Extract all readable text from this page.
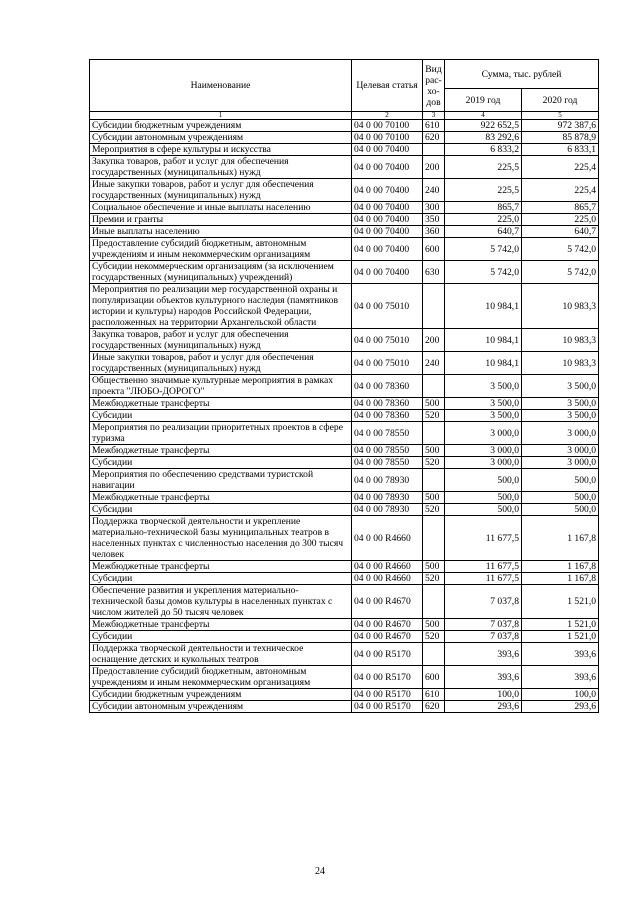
Наименование	Целевая статья	Вид рас-хо-дов	Сумма, тыс. рублей	
			2019 год	2020 год
1	2	3	4	5
Субсидии бюджетным учреждениям	04 0 00 70100	610	922 652,5	972 387,6
Субсидии автономным учреждениям	04 0 00 70100	620	83 292,6	85 878,9
Мероприятия в сфере культуры и искусства	04 0 00 70400		6 833,2	6 833,1
Закупка товаров, работ и услуг для обеспечения государственных (муниципальных) нужд	04 0 00 70400	200	225,5	225,4
Иные закупки товаров, работ и услуг для обеспечения государственных (муниципальных) нужд	04 0 00 70400	240	225,5	225,4
Социальное обеспечение и иные выплаты населению	04 0 00 70400	300	865,7	865,7
Премии и гранты	04 0 00 70400	350	225,0	225,0
Иные выплаты населению	04 0 00 70400	360	640,7	640,7
Предоставление субсидий бюджетным, автономным учреждениям и иным некоммерческим организациям	04 0 00 70400	600	5 742,0	5 742,0
Субсидии некоммерческим организациям (за исключением государственных (муниципальных) учреждений)	04 0 00 70400	630	5 742,0	5 742,0
Мероприятия по реализации мер государственной охраны и популяризации объектов культурного наследия (памятников истории и культуры) народов Российской Федерации, расположенных на территории Архангельской области	04 0 00 75010		10 984,1	10 983,3
Закупка товаров, работ и услуг для обеспечения государственных (муниципальных) нужд	04 0 00 75010	200	10 984,1	10 983,3
Иные закупки товаров, работ и услуг для обеспечения государственных (муниципальных) нужд	04 0 00 75010	240	10 984,1	10 983,3
Общественно значимые культурные мероприятия в рамках проекта "ЛЮБО-ДОРОГО"	04 0 00 78360		3 500,0	3 500,0
Межбюджетные трансферты	04 0 00 78360	500	3 500,0	3 500,0
Субсидии	04 0 00 78360	520	3 500,0	3 500,0
Мероприятия по реализации приоритетных проектов в сфере туризма	04 0 00 78550		3 000,0	3 000,0
Межбюджетные трансферты	04 0 00 78550	500	3 000,0	3 000,0
Субсидии	04 0 00 78550	520	3 000,0	3 000,0
Мероприятия по обеспечению средствами туристской навигации	04 0 00 78930		500,0	500,0
Межбюджетные трансферты	04 0 00 78930	500	500,0	500,0
Субсидии	04 0 00 78930	520	500,0	500,0
Поддержка творческой деятельности и укрепление материально-технической базы муниципальных театров в населенных пунктах с численностью населения до 300 тысяч человек	04 0 00 R4660		11 677,5	1 167,8
Межбюджетные трансферты	04 0 00 R4660	500	11 677,5	1 167,8
Субсидии	04 0 00 R4660	520	11 677,5	1 167,8
Обеспечение развития и укрепления материально-технической базы домов культуры в населенных пунктах с числом жителей до 50 тысяч человек	04 0 00 R4670		7 037,8	1 521,0
Межбюджетные трансферты	04 0 00 R4670	500	7 037,8	1 521,0
Субсидии	04 0 00 R4670	520	7 037,8	1 521,0
Поддержка творческой деятельности и техническое оснащение детских и кукольных театров	04 0 00 R5170		393,6	393,6
Предоставление субсидий бюджетным, автономным учреждениям и иным некоммерческим организациям	04 0 00 R5170	600	393,6	393,6
Субсидии бюджетным учреждениям	04 0 00 R5170	610	100,0	100,0
Субсидии автономным учреждениям	04 0 00 R5170	620	293,6	293,6
24
